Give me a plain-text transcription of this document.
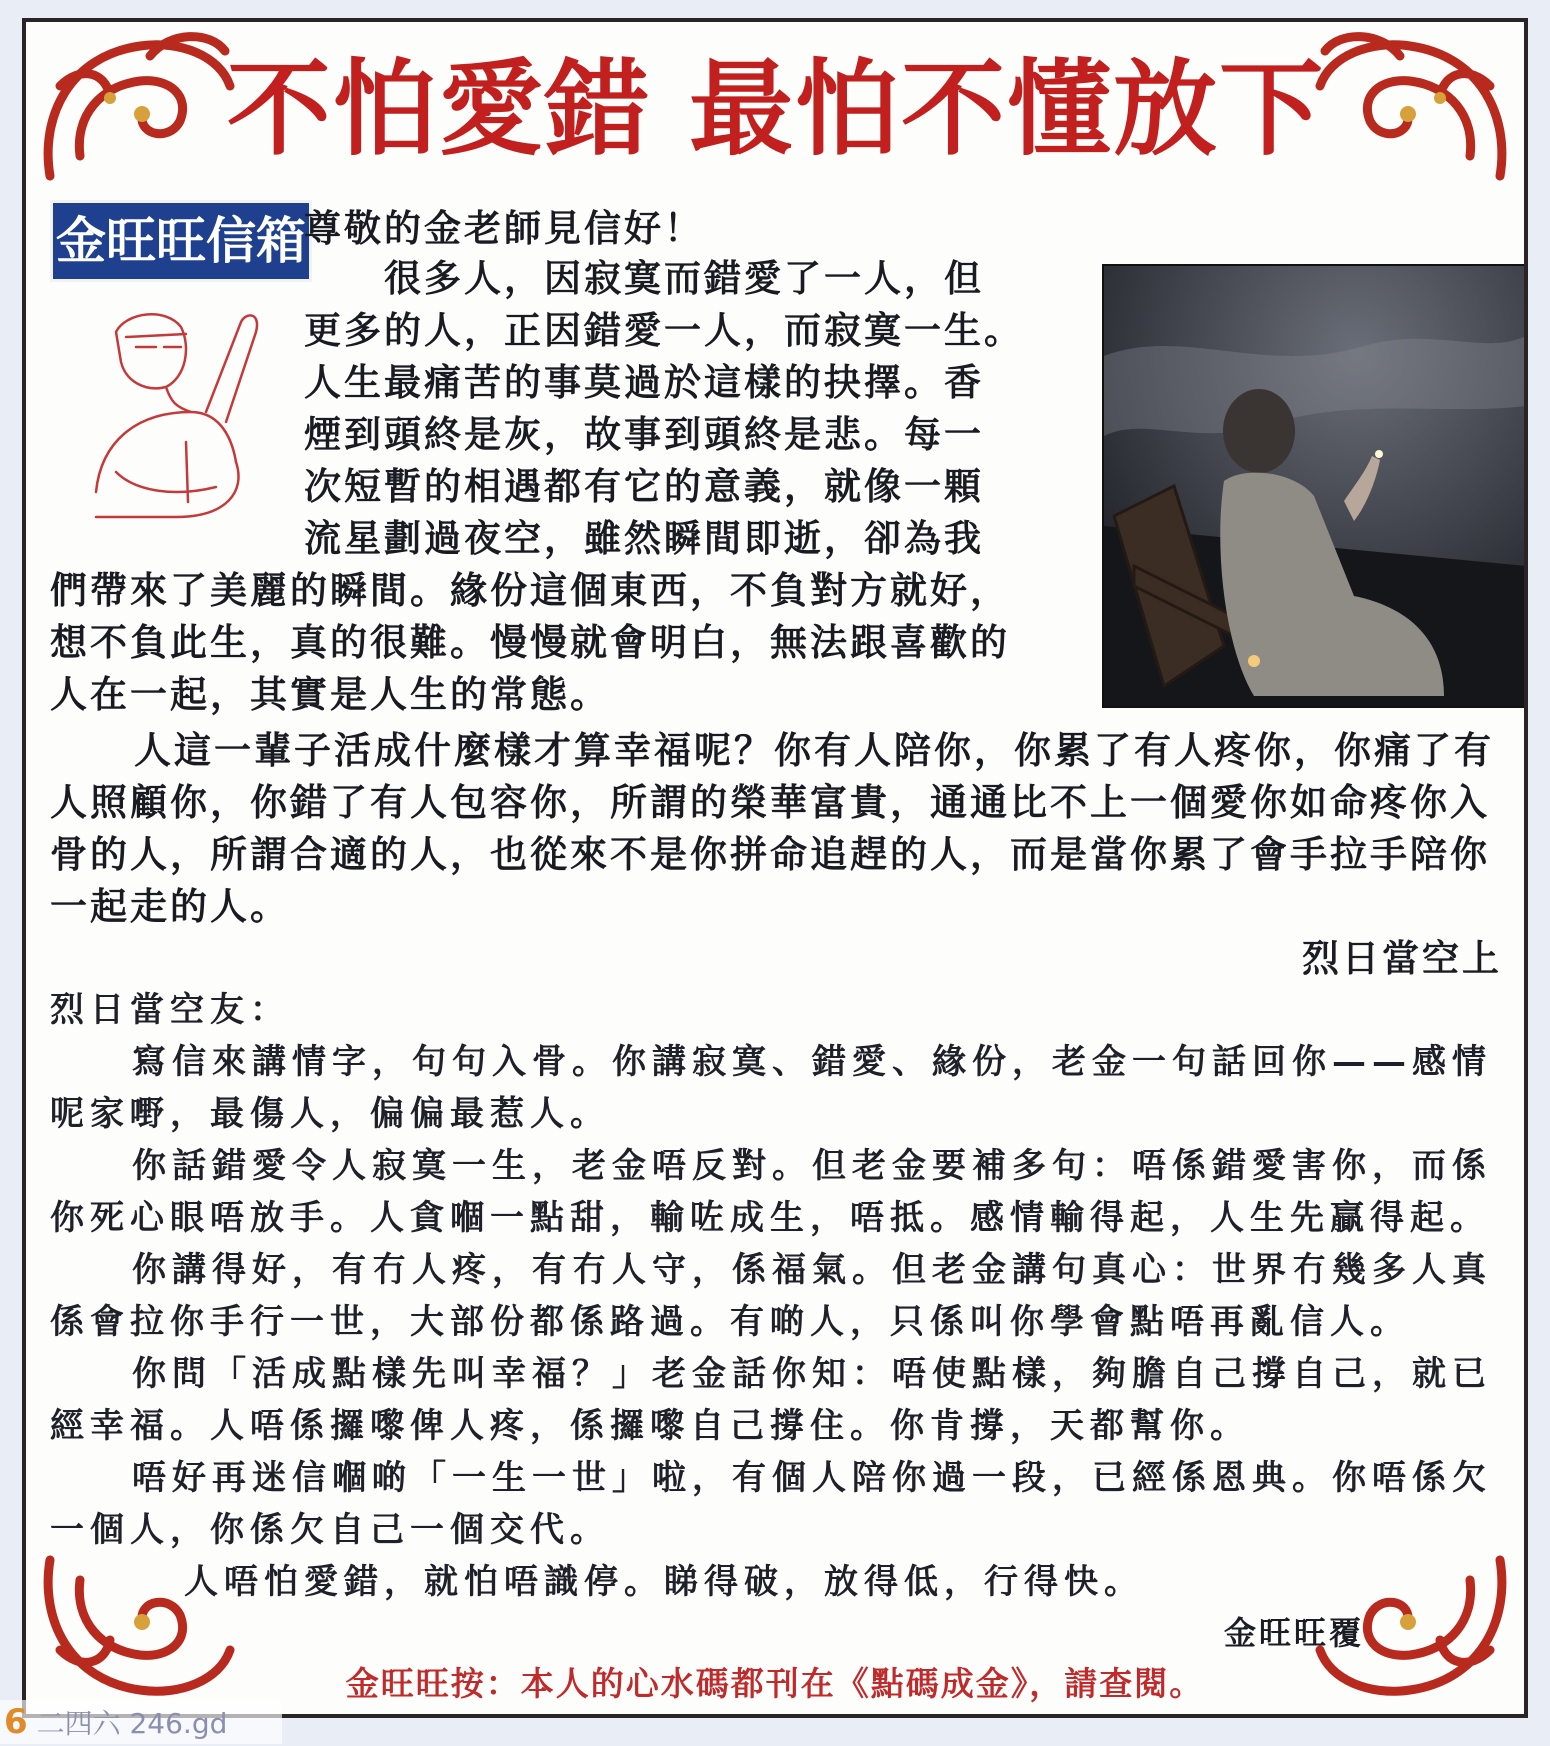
不怕愛錯 最怕不懂放下
金旺旺信箱
尊敬的金老師見信好！
　　很多人，因寂寞而錯愛了一人，但
更多的人，正因錯愛一人，而寂寞一生。
人生最痛苦的事莫過於這樣的抉擇。香
煙到頭終是灰，故事到頭終是悲。每一
次短暫的相遇都有它的意義，就像一顆
流星劃過夜空，雖然瞬間即逝，卻為我
們帶來了美麗的瞬間。緣份這個東西，不負對方就好，
想不負此生，真的很難。慢慢就會明白，無法跟喜歡的
人在一起，其實是人生的常態。
人這一輩子活成什麼樣才算幸福呢？你有人陪你，你累了有人疼你，你痛了有人照顧你，你錯了有人包容你，所謂的榮華富貴，通通比不上一個愛你如命疼你入骨的人，所謂合適的人，也從來不是你拼命追趕的人，而是當你累了會手拉手陪你一起走的人。
烈日當空上

烈日當空友：

寫信來講情字，句句入骨。你講寂寞、錯愛、緣份，老金一句話回你——感情呢家嘢，最傷人，偏偏最惹人。

你話錯愛令人寂寞一生，老金唔反對。但老金要補多句：唔係錯愛害你，而係你死心眼唔放手。人貪嗰一點甜，輸咗成生，唔抵。感情輸得起，人生先贏得起。

你講得好，有冇人疼，有冇人守，係福氣。但老金講句真心：世界冇幾多人真係會拉你手行一世，大部份都係路過。有啲人，只係叫你學會點唔再亂信人。

你問「活成點樣先叫幸福？」老金話你知：唔使點樣，夠膽自己撐自己，就已經幸福。人唔係攞嚟俾人疼，係攞嚟自己撐住。你肯撐，天都幫你。

唔好再迷信嗰啲「一生一世」啦，有個人陪你過一段，已經係恩典。你唔係欠一個人，你係欠自己一個交代。

人唔怕愛錯，就怕唔識停。睇得破，放得低，行得快。

金旺旺覆
金旺旺按：本人的心水碼都刊在《點碼成金》，請查閱。
6 二四六 246.gd
